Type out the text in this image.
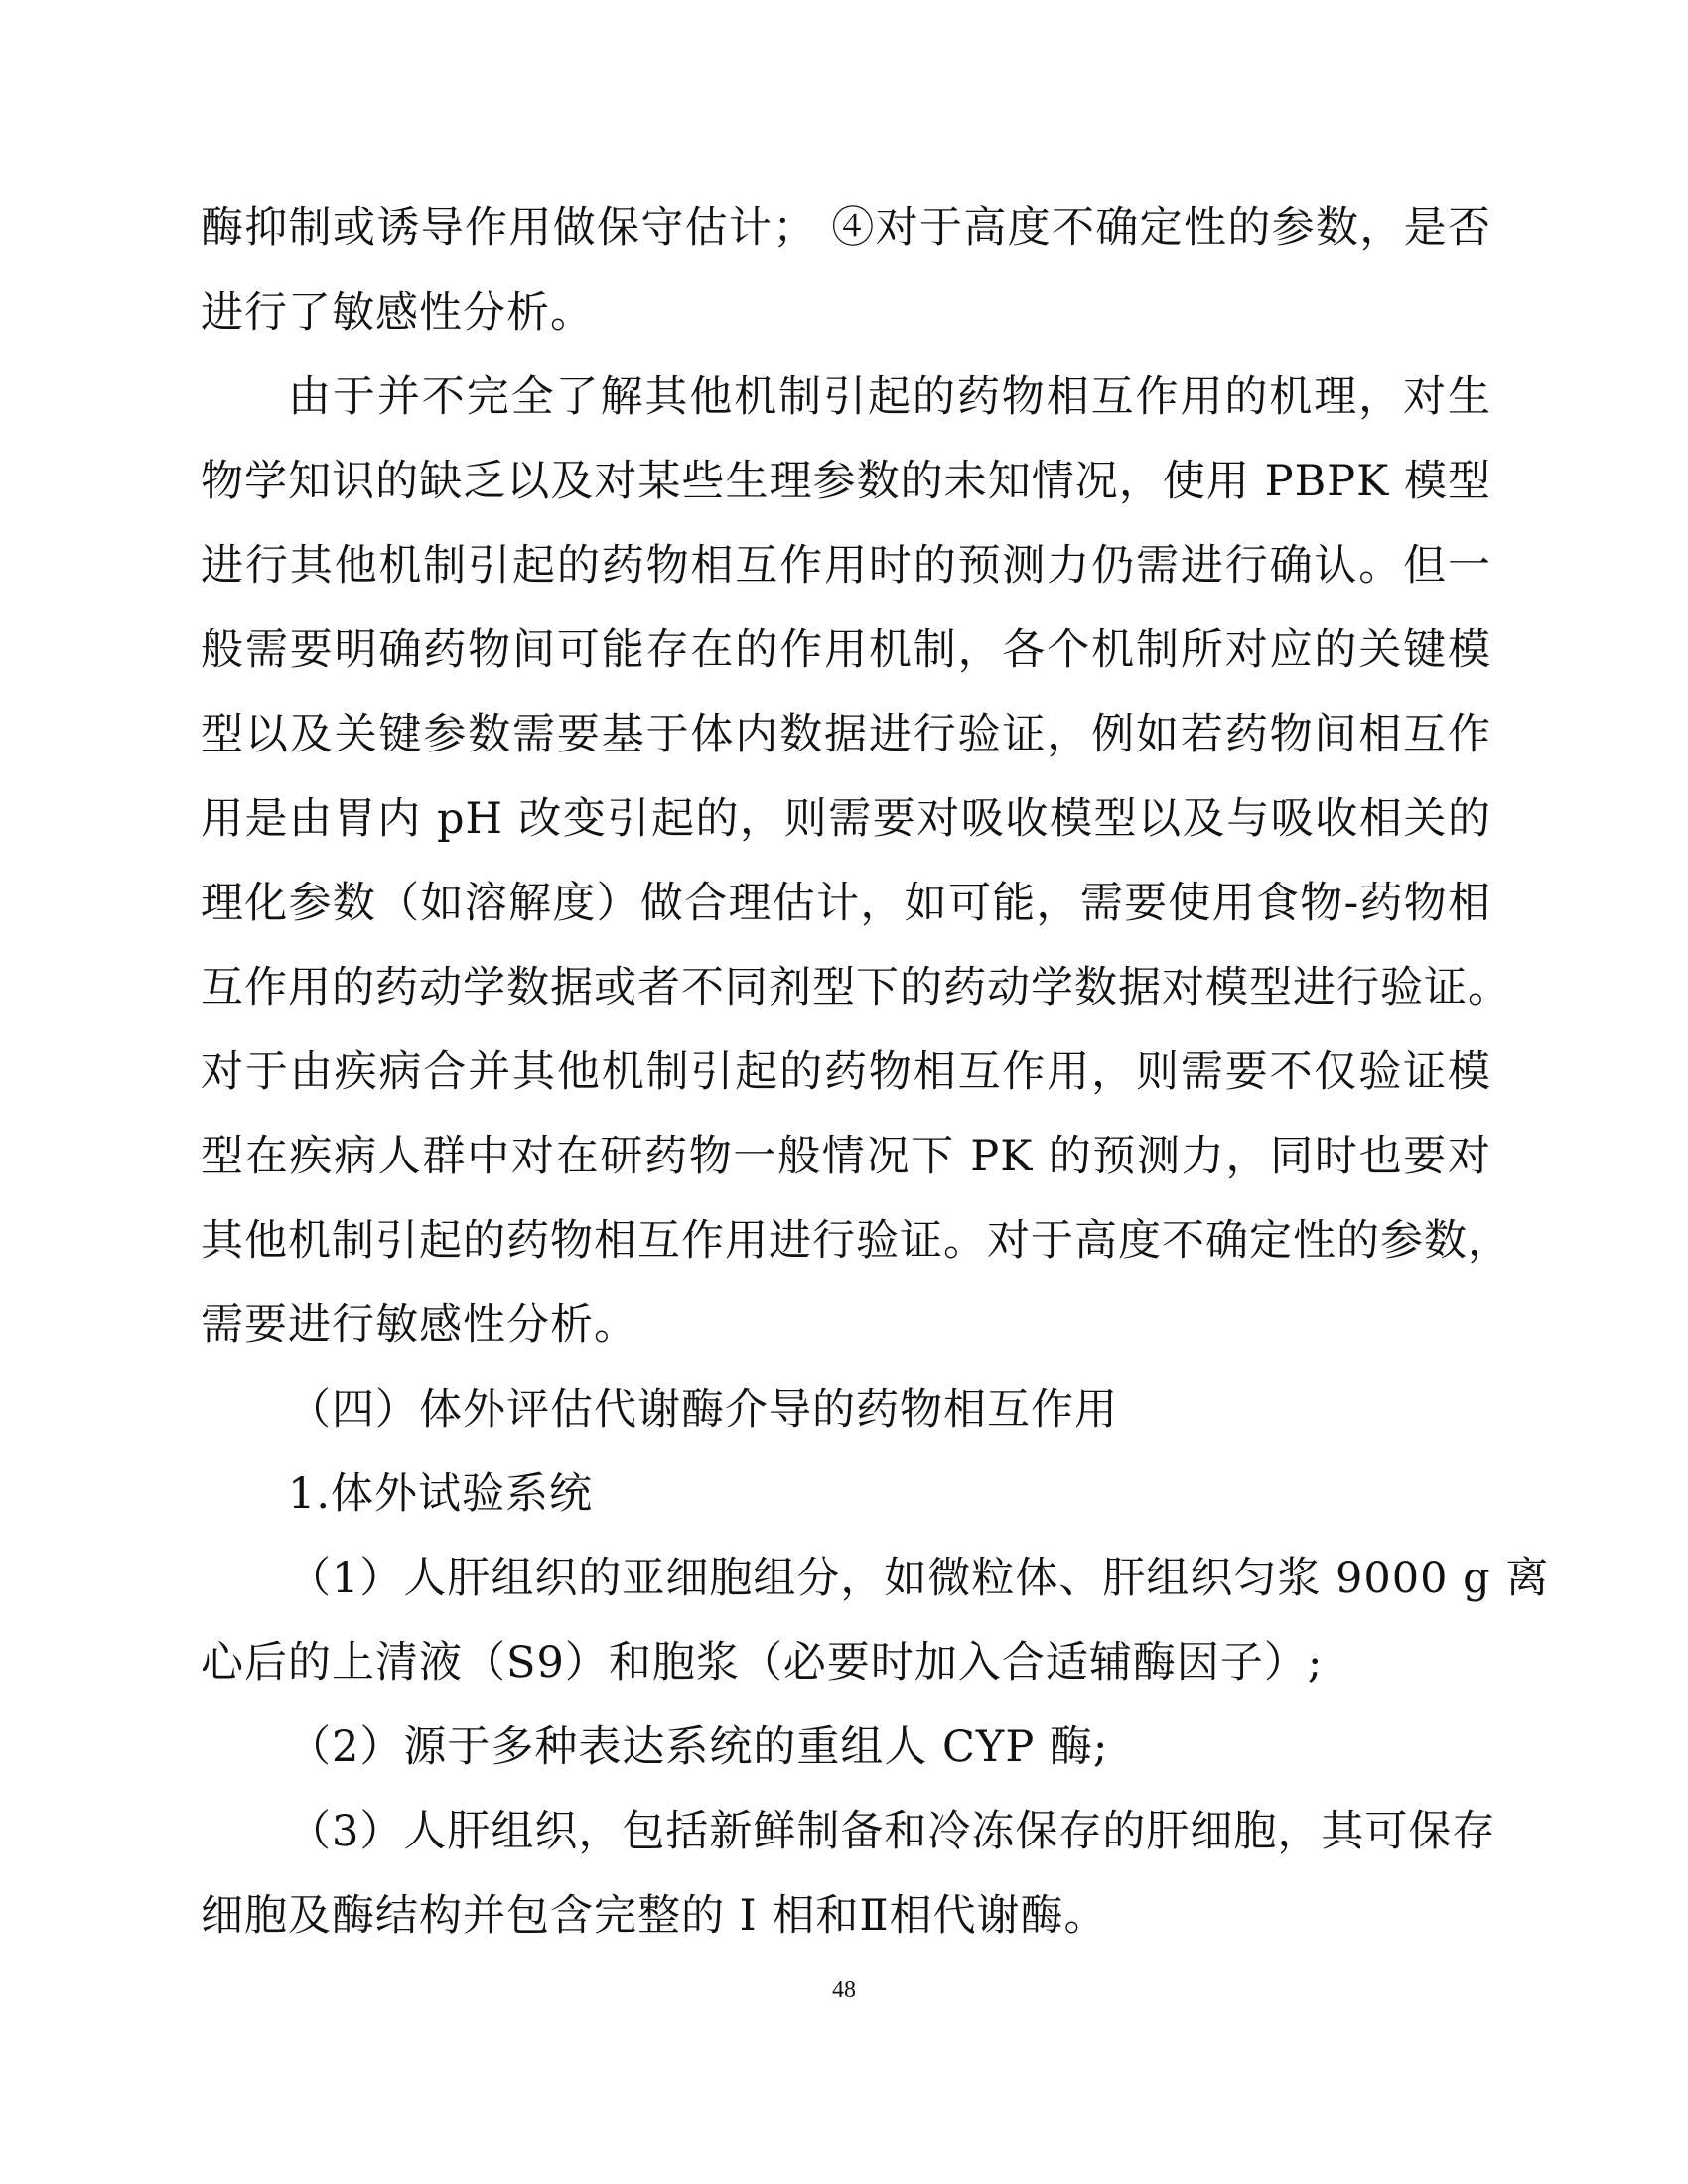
酶抑制或诱导作用做保守估计； ④对于高度不确定性的参数，是否
进行了敏感性分析。
由于并不完全了解其他机制引起的药物相互作用的机理，对生
物学知识的缺乏以及对某些生理参数的未知情况，使用 PBPK 模型
进行其他机制引起的药物相互作用时的预测力仍需进行确认。但一
般需要明确药物间可能存在的作用机制，各个机制所对应的关键模
型以及关键参数需要基于体内数据进行验证，例如若药物间相互作
用是由胃内 pH 改变引起的，则需要对吸收模型以及与吸收相关的
理化参数（如溶解度）做合理估计，如可能，需要使用食物-药物相
互作用的药动学数据或者不同剂型下的药动学数据对模型进行验证。
对于由疾病合并其他机制引起的药物相互作用，则需要不仅验证模
型在疾病人群中对在研药物一般情况下 PK 的预测力，同时也要对
其他机制引起的药物相互作用进行验证。对于高度不确定性的参数，
需要进行敏感性分析。
（四）体外评估代谢酶介导的药物相互作用
1.体外试验系统
（1）人肝组织的亚细胞组分，如微粒体、肝组织匀浆 9000 g 离
心后的上清液（S9）和胞浆（必要时加入合适辅酶因子）;
（2）源于多种表达系统的重组人 CYP 酶;
（3）人肝组织，包括新鲜制备和冷冻保存的肝细胞，其可保存
细胞及酶结构并包含完整的 I 相和Ⅱ相代谢酶。
48
